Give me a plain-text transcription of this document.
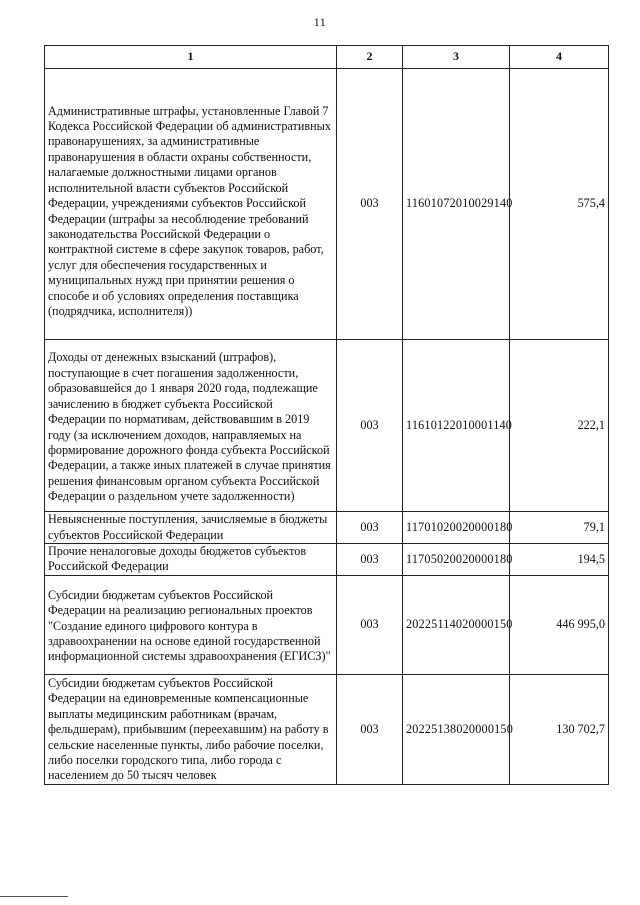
11
1	2	3	4
Административные штрафы, установленные Главой 7 Кодекса Российской Федерации об административных правонарушениях, за административные правонарушения в области охраны собственности, налагаемые должностными лицами органов исполнительной власти субъектов Российской Федерации, учреждениями субъектов Российской Федерации (штрафы за несоблюдение требований законодательства Российской Федерации о контрактной системе в сфере закупок товаров, работ, услуг для обеспечения государственных и муниципальных нужд при принятии решения о способе и об условиях определения поставщика (подрядчика, исполнителя))	003	11601072010029140	575,4
Доходы от денежных взысканий (штрафов), поступающие в счет погашения задолженности, образовавшейся до 1 января 2020 года, подлежащие зачислению в бюджет субъекта Российской Федерации по нормативам, действовавшим в 2019 году (за исключением доходов, направляемых на формирование дорожного фонда субъекта Российской Федерации, а также иных платежей в случае принятия решения финансовым органом субъекта Российской Федерации о раздельном учете задолженности)	003	11610122010001140	222,1
Невыясненные поступления, зачисляемые в бюджеты субъектов Российской Федерации	003	11701020020000180	79,1
Прочие неналоговые доходы бюджетов субъектов Российской Федерации	003	11705020020000180	194,5
Субсидии бюджетам субъектов Российской Федерации на реализацию региональных проектов "Создание единого цифрового контура в здравоохранении на основе единой государственной информационной системы здравоохранения (ЕГИСЗ)"	003	20225114020000150	446 995,0
Субсидии бюджетам субъектов Российской Федерации на единовременные компенсационные выплаты медицинским работникам (врачам, фельдшерам), прибывшим (переехавшим) на работу в сельские населенные пункты, либо рабочие поселки, либо поселки городского типа, либо города с населением до 50 тысяч человек	003	20225138020000150	130 702,7
